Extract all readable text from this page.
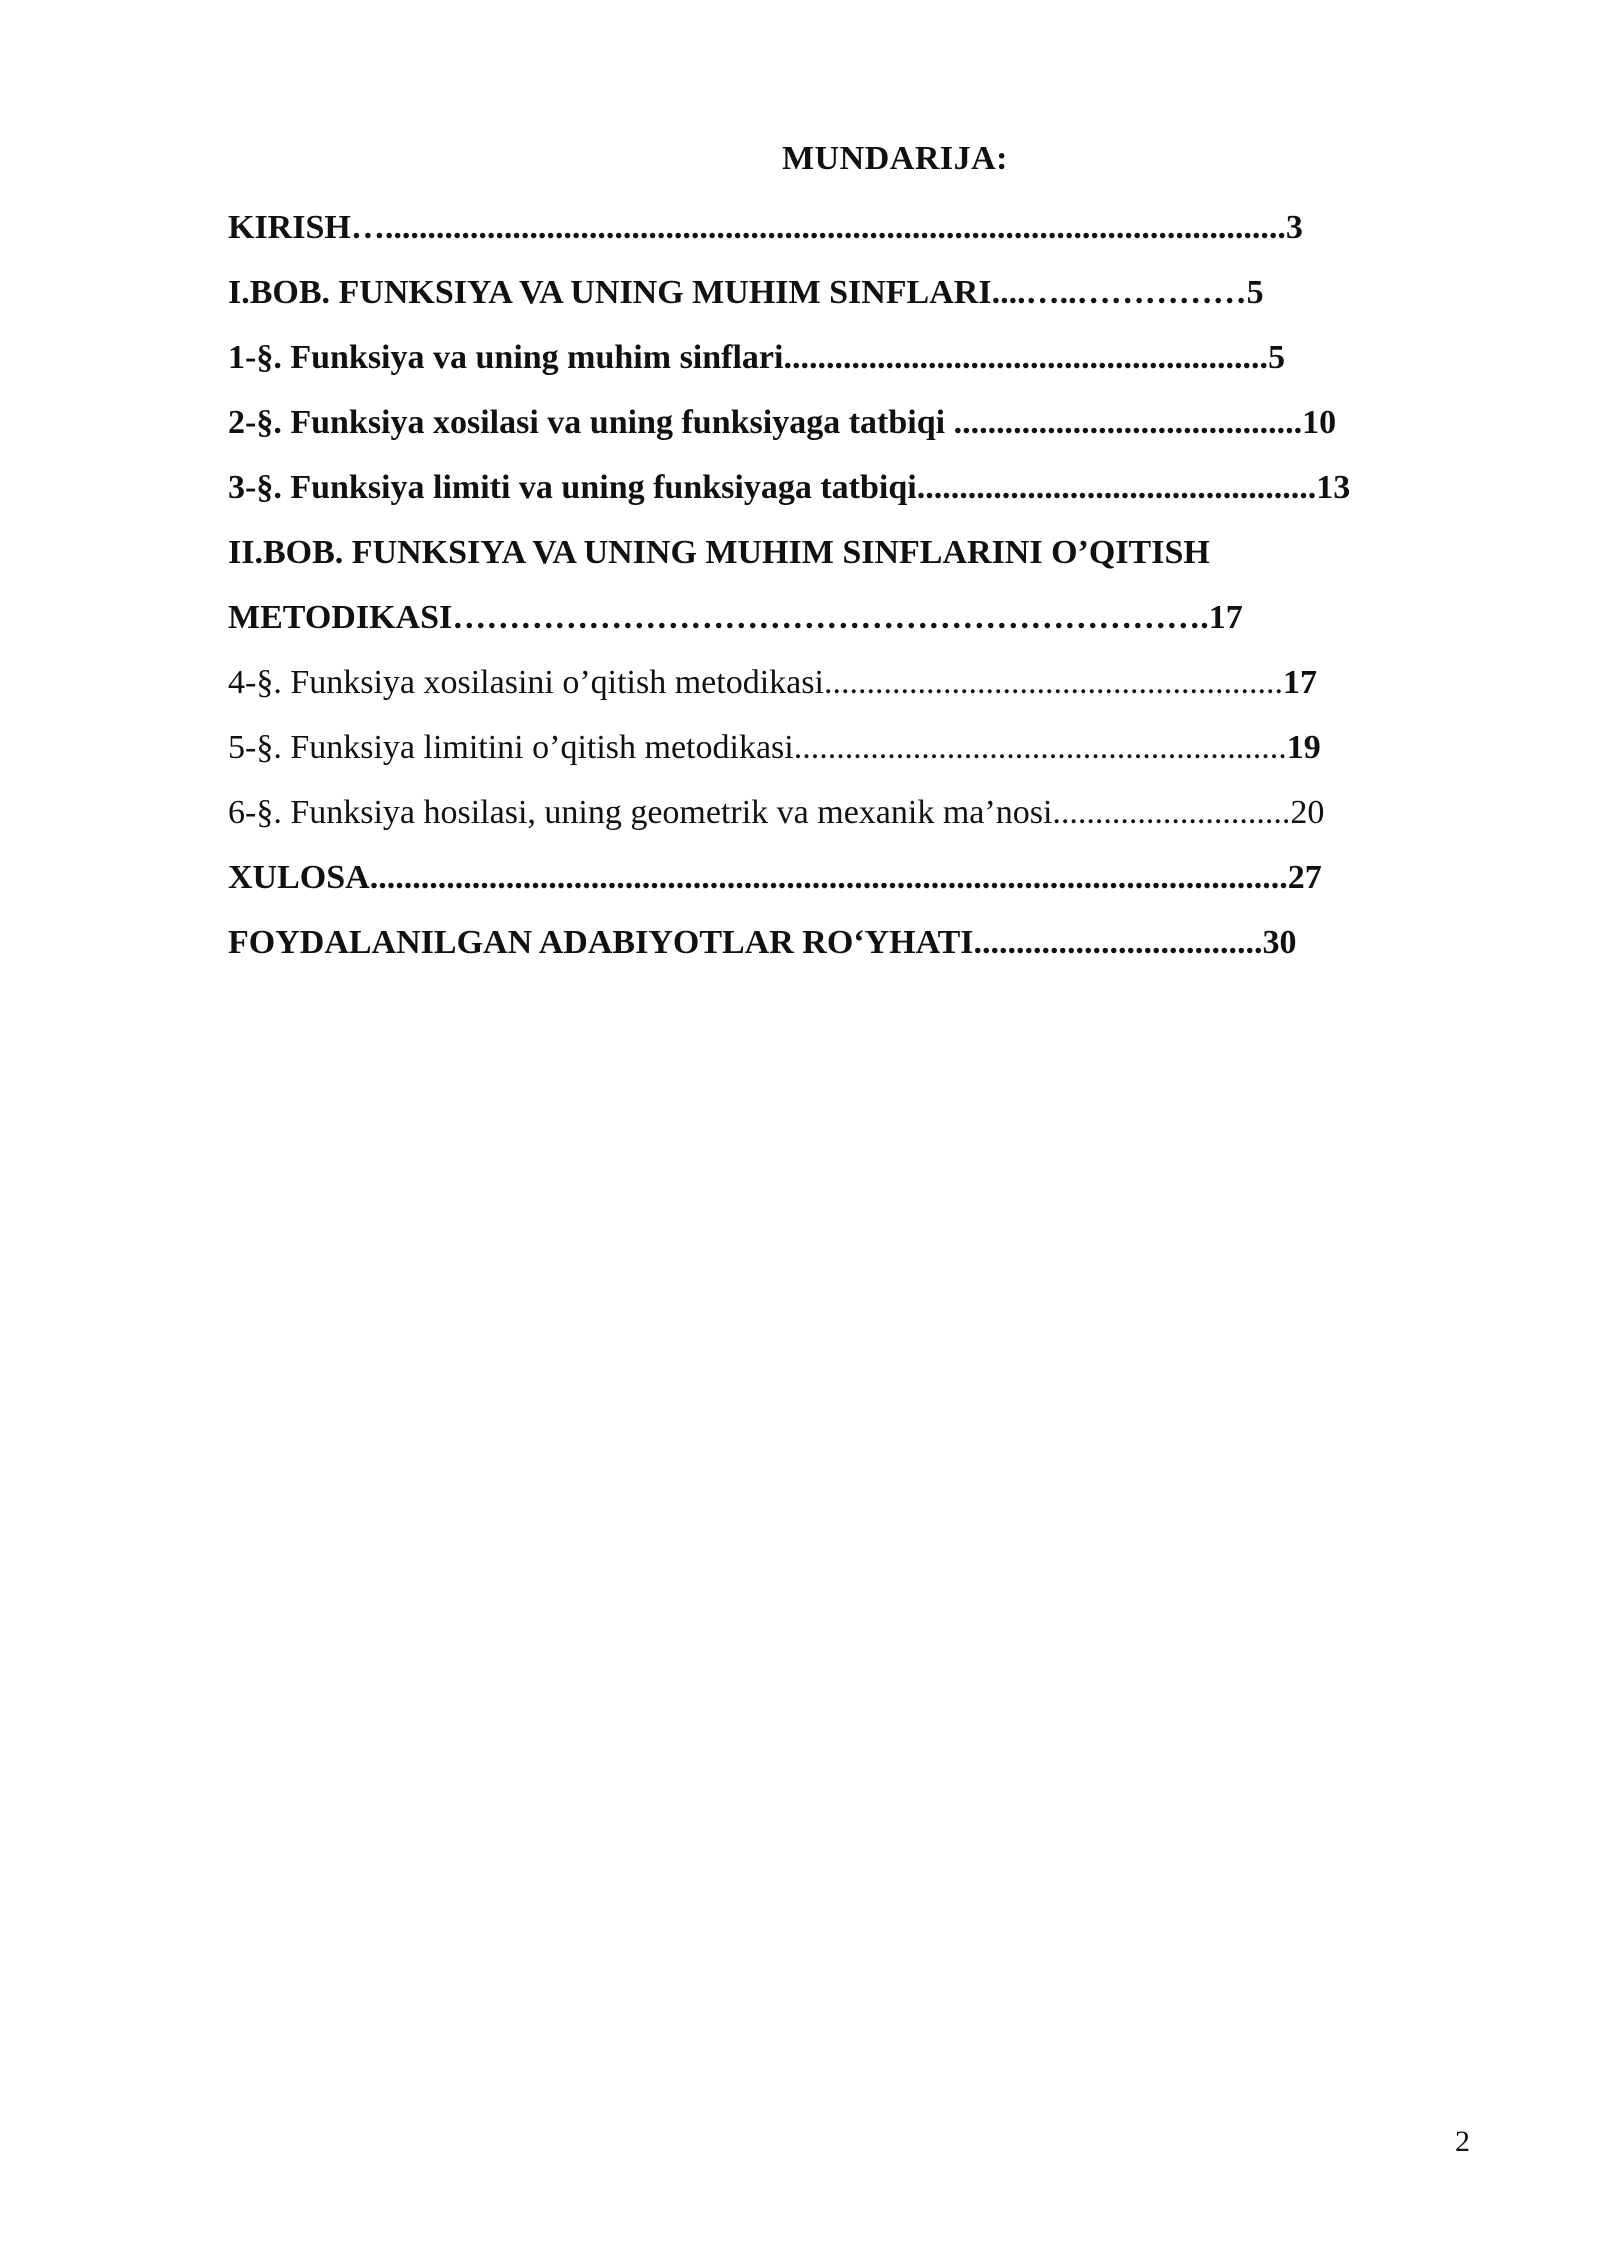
MUNDARIJA:
KIRISH…..........................................................................................................3
I.BOB. FUNKSIYA VA UNING MUHIM SINFLARI....…..……………5
1-§. Funksiya va uning muhim sinflari.........................................................5
2-§. Funksiya xosilasi va uning funksiyaga tatbiqi .........................................10
3-§. Funksiya limiti va uning funksiyaga tatbiqi...............................................13
II.BOB. FUNKSIYA VA UNING MUHIM SINFLARINI O’QITISH
METODIKASI………………………………………………………….17
4-§. Funksiya xosilasini o’qitish metodikasi......................................................17
5-§. Funksiya limitini o’qitish metodikasi..........................................................19
6-§. Funksiya hosilasi, uning geometrik va mexanik ma’nosi............................20
XULOSA............................................................................................................27
FOYDALANILGAN ADABIYOTLAR RO‘YHATI..................................30
2
